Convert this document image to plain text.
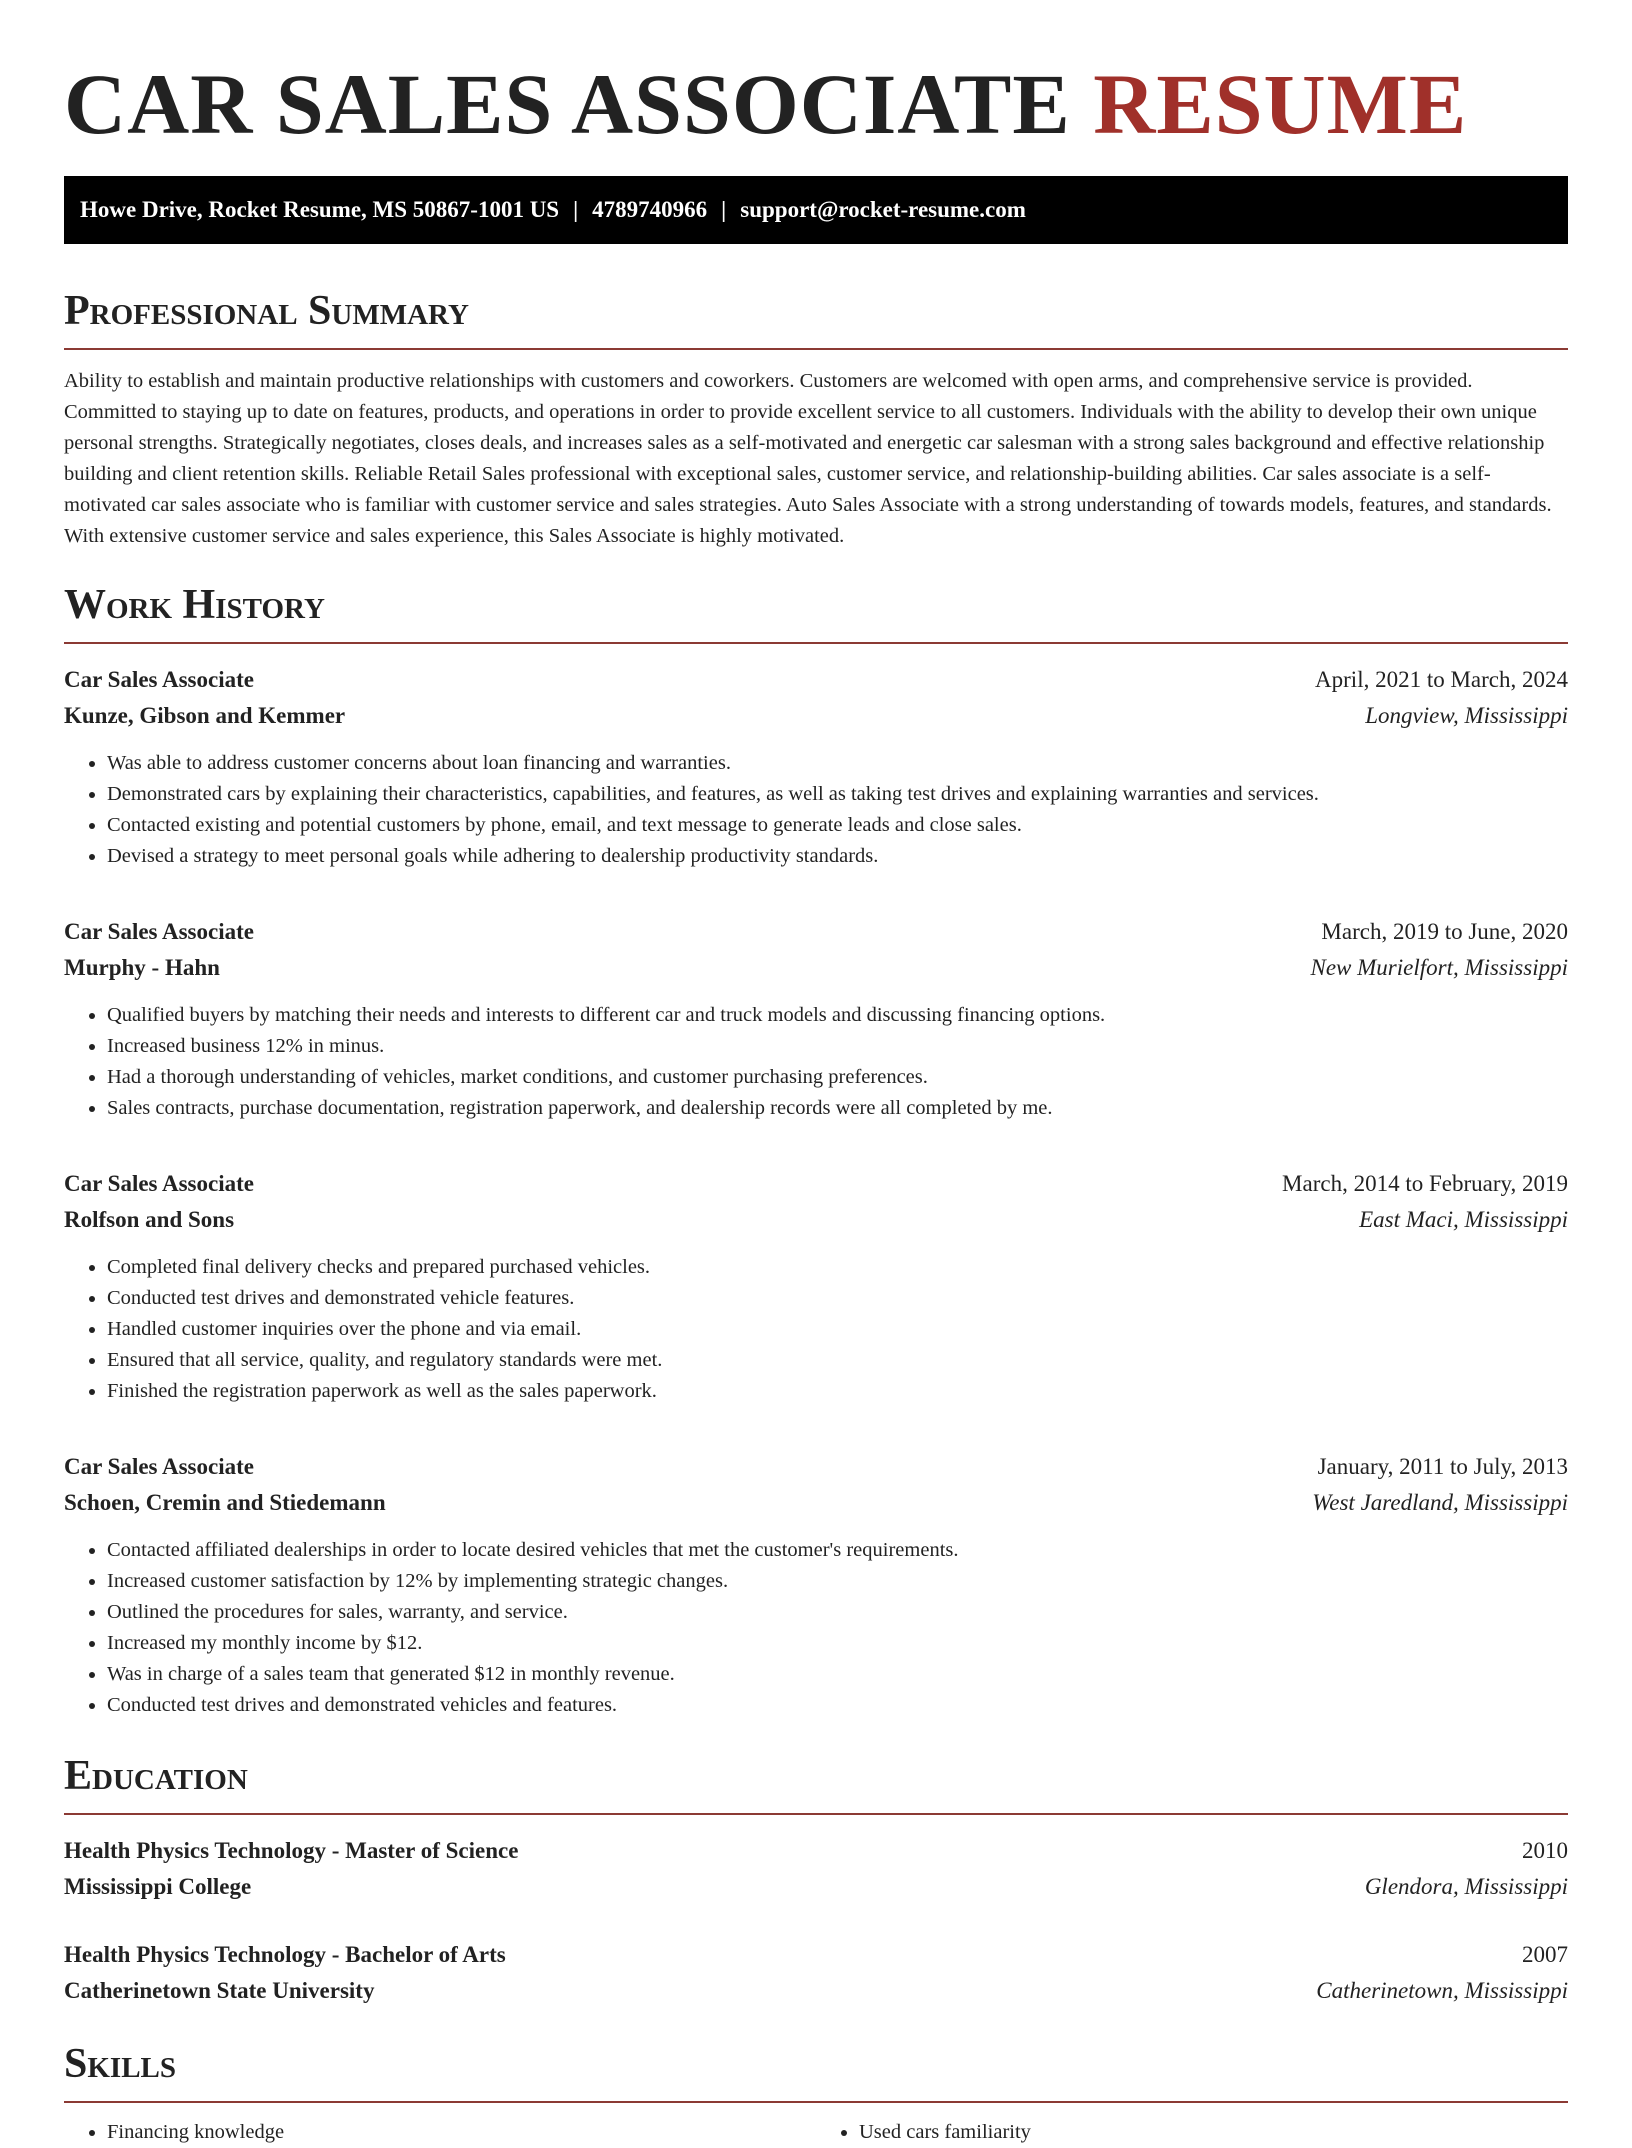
CAR SALES ASSOCIATE RESUME
Howe Drive, Rocket Resume, MS 50867-1001 US | 4789740966 | support@rocket-resume.com
Professional Summary

Ability to establish and maintain productive relationships with customers and coworkers. Customers are welcomed with open arms, and comprehensive service is provided. Committed to staying up to date on features, products, and operations in order to provide excellent service to all customers. Individuals with the ability to develop their own unique personal strengths. Strategically negotiates, closes deals, and increases sales as a self-motivated and energetic car salesman with a strong sales background and effective relationship building and client retention skills. Reliable Retail Sales professional with exceptional sales, customer service, and relationship-building abilities. Car sales associate is a self-motivated car sales associate who is familiar with customer service and sales strategies. Auto Sales Associate with a strong understanding of towards models, features, and standards. With extensive customer service and sales experience, this Sales Associate is highly motivated.

Work History
Car Sales Associate	April, 2021 to March, 2024
Kunze, Gibson and Kemmer	Longview, Mississippi
• Was able to address customer concerns about loan financing and warranties.
• Demonstrated cars by explaining their characteristics, capabilities, and features, as well as taking test drives and explaining warranties and services.
• Contacted existing and potential customers by phone, email, and text message to generate leads and close sales.
• Devised a strategy to meet personal goals while adhering to dealership productivity standards.
Car Sales Associate	March, 2019 to June, 2020
Murphy - Hahn	New Murielfort, Mississippi
• Qualified buyers by matching their needs and interests to different car and truck models and discussing financing options.
• Increased business 12% in minus.
• Had a thorough understanding of vehicles, market conditions, and customer purchasing preferences.
• Sales contracts, purchase documentation, registration paperwork, and dealership records were all completed by me.
Car Sales Associate	March, 2014 to February, 2019
Rolfson and Sons	East Maci, Mississippi
• Completed final delivery checks and prepared purchased vehicles.
• Conducted test drives and demonstrated vehicle features.
• Handled customer inquiries over the phone and via email.
• Ensured that all service, quality, and regulatory standards were met.
• Finished the registration paperwork as well as the sales paperwork.
Car Sales Associate	January, 2011 to July, 2013
Schoen, Cremin and Stiedemann	West Jaredland, Mississippi
• Contacted affiliated dealerships in order to locate desired vehicles that met the customer's requirements.
• Increased customer satisfaction by 12% by implementing strategic changes.
• Outlined the procedures for sales, warranty, and service.
• Increased my monthly income by $12.
• Was in charge of a sales team that generated $12 in monthly revenue.
• Conducted test drives and demonstrated vehicles and features.
Education
Health Physics Technology - Master of Science	2010
Mississippi College	Glendora, Mississippi
Health Physics Technology - Bachelor of Arts	2007
Catherinetown State University	Catherinetown, Mississippi
Skills
• Financing knowledge
•	Used cars familiarity
